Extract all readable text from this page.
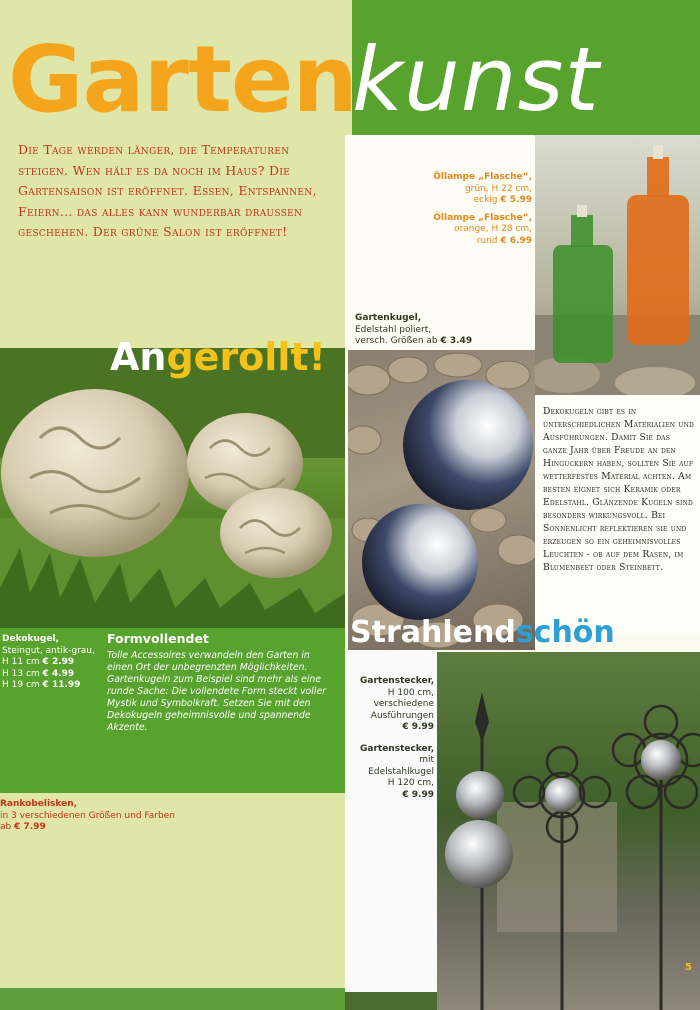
Garten
kunst
Die Tage werden länger, die Temperaturen steigen. Wen hält es da noch im Haus? Die Gartensaison ist eröffnet. Essen, Entspannen, Feiern… das alles kann wunderbar draussen geschehen. Der grüne Salon ist eröffnet!
Angerollt!
Strahlendschön
Öllampe „Flasche“,
grün, H 22 cm,
eckig € 5.99
Öllampe „Flasche“,
orange, H 28 cm,
rund € 6.99
Gartenkugel,
Edelstahl poliert,
versch. Größen ab € 3.49
Dekokugel,
Steingut, antik-grau,
H 11 cm € 2.99
H 13 cm € 4.99
H 19 cm € 11.99
Formvollendet
Tolle Accessoires verwandeln den Garten in einen Ort der unbegrenzten Möglichkeiten. Gartenkugeln zum Beispiel sind mehr als eine runde Sache: Die vollendete Form steckt voller Mystik und Symbolkraft. Setzen Sie mit den Dekokugeln geheimnisvolle und spannende Akzente.
Rankobelisken,
in 3 verschiedenen Größen und Farben
ab € 7.99
Dekokugeln gibt es in unterschiedlichen Materialien und Ausführungen. Damit Sie das ganze Jahr über Freude an den Hinguckern haben, sollten Sie auf wetterfestes Material achten. Am besten eignet sich Keramik oder Edelstahl. Glänzende Kugeln sind besonders wirkungsvoll. Bei Sonnenlicht reflektieren sie und erzeugen so ein geheimnisvolles Leuchten - ob auf dem Rasen, im Blumenbeet oder Steinbett.
Gartenstecker,
H 100 cm,
verschiedene
Ausführungen
€ 9.99
Gartenstecker,
mit
Edelstahlkugel
H 120 cm,
€ 9.99
5
